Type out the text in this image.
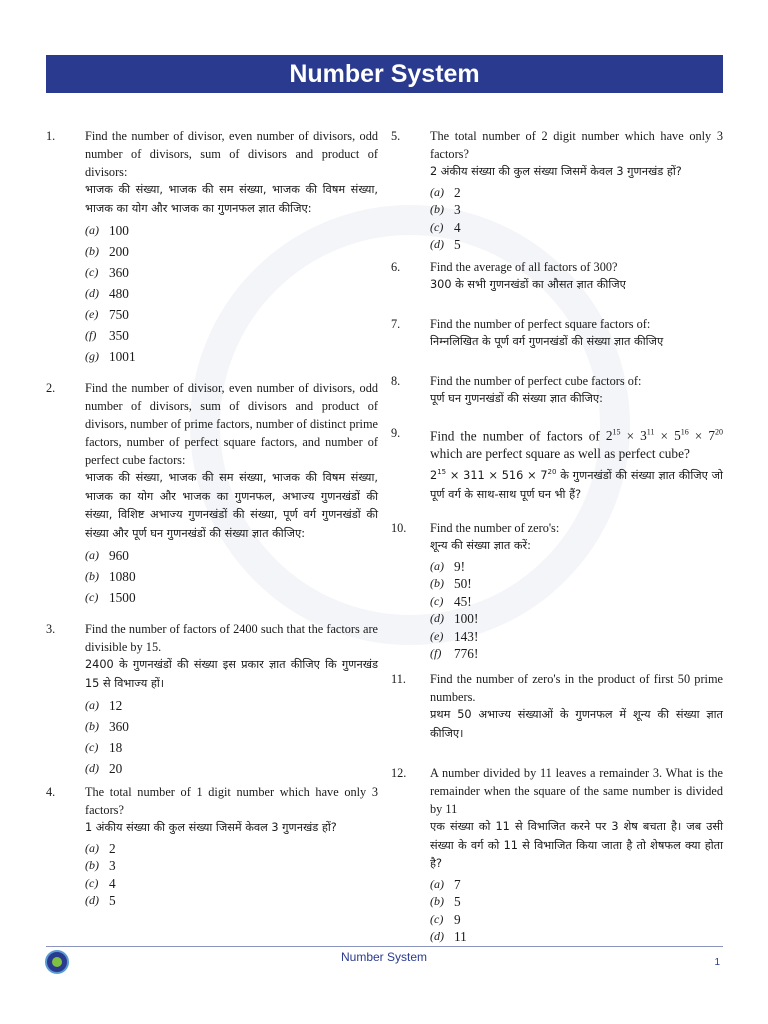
Number System
1. Find the number of divisor, even number of divisors, odd number of divisors, sum of divisors and product of divisors:
भाजक की संख्या, भाजक की सम संख्या, भाजक की विषम संख्या, भाजक का योग और भाजक का गुणनफल ज्ञात कीजिए:
(a) 100
(b) 200
(c) 360
(d) 480
(e) 750
(f) 350
(g) 1001
2. Find the number of divisor, even number of divisors, odd number of divisors, sum of divisors and product of divisors, number of prime factors, number of distinct prime factors, number of perfect square factors, and number of perfect cube factors:
भाजक की संख्या, भाजक की सम संख्या, भाजक की विषम संख्या, भाजक का योग और भाजक का गुणनफल, अभाज्य गुणनखंडों की संख्या, विशिष्ट अभाज्य गुणनखंडों की संख्या, पूर्ण वर्ग गुणनखंडों की संख्या और पूर्ण घन गुणनखंडों की संख्या ज्ञात कीजिए:
(a) 960
(b) 1080
(c) 1500
3. Find the number of factors of 2400 such that the factors are divisible by 15.
2400 के गुणनखंडों की संख्या इस प्रकार ज्ञात कीजिए कि गुणनखंड 15 से विभाज्य हों।
(a) 12
(b) 360
(c) 18
(d) 20
4. The total number of 1 digit number which have only 3 factors?
1 अंकीय संख्या की कुल संख्या जिसमें केवल 3 गुणनखंड हों?
(a) 2
(b) 3
(c) 4
(d) 5
5. The total number of 2 digit number which have only 3 factors?
2 अंकीय संख्या की कुल संख्या जिसमें केवल 3 गुणनखंड हों?
(a) 2
(b) 3
(c) 4
(d) 5
6. Find the average of all factors of 300?
300 के सभी गुणनखंडों का औसत ज्ञात कीजिए
7. Find the number of perfect square factors of:
निम्नलिखित के पूर्ण वर्ग गुणनखंडों की संख्या ज्ञात कीजिए
8. Find the number of perfect cube factors of:
पूर्ण घन गुणनखंडों की संख्या ज्ञात कीजिए:
9. Find the number of factors of $2^{15} \times 3^{11} \times 5^{16} \times 7^{20}$ which are perfect square as well as perfect cube?
$2^{15} \times 311 \times 516 \times 7^{20}$ के गुणनखंडों की संख्या ज्ञात कीजिए जो पूर्ण वर्ग के साथ-साथ पूर्ण घन भी हैं?
10. Find the number of zero's:
शून्य की संख्या ज्ञात करें:
(a) 9!
(b) 50!
(c) 45!
(d) 100!
(e) 143!
(f) 776!
11. Find the number of zero's in the product of first 50 prime numbers.
प्रथम 50 अभाज्य संख्याओं के गुणनफल में शून्य की संख्या ज्ञात कीजिए।
12. A number divided by 11 leaves a remainder 3. What is the remainder when the square of the same number is divided by 11
एक संख्या को 11 से विभाजित करने पर 3 शेष बचता है। जब उसी संख्या के वर्ग को 11 से विभाजित किया जाता है तो शेषफल क्या होता है?
(a) 7
(b) 5
(c) 9
(d) 11
Number System	1
